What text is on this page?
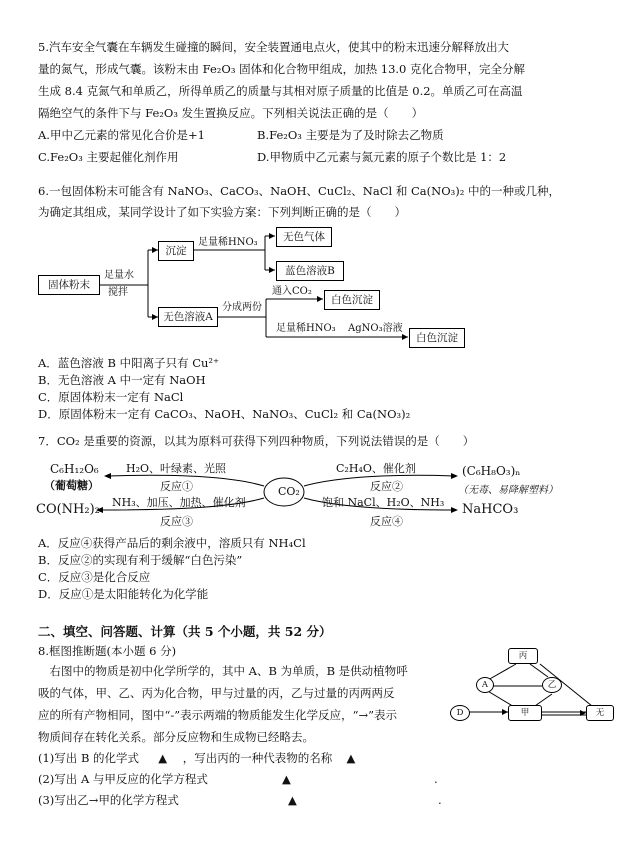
5.汽车安全气囊在车辆发生碰撞的瞬间，安全装置通电点火，使其中的粉末迅速分解释放出大
量的氮气，形成气囊。该粉末由 Fe₂O₃ 固体和化合物甲组成，加热 13.0 克化合物甲，完全分解
生成 8.4 克氮气和单质乙，所得单质乙的质量与其相对原子质量的比值是 0.2。单质乙可在高温
隔绝空气的条件下与 Fe₂O₃ 发生置换反应。下列相关说法正确的是（　　）
A.甲中乙元素的常见化合价是+1	B.Fe₂O₃ 主要是为了及时除去乙物质
C.Fe₂O₃ 主要起催化剂作用	D.甲物质中乙元素与氮元素的原子个数比是 1：2
6.一包固体粉末可能含有 NaNO₃、CaCO₃、NaOH、CuCl₂、NaCl 和 Ca(NO₃)₂ 中的一种或几种，
为确定其组成，某同学设计了如下实验方案：下列判断正确的是（　　）
固体粉末
足量水
搅拌
沉淀
足量稀HNO₃	无色气体
蓝色溶液B
无色溶液A
分成两份
通入CO₂
白色沉淀
足量稀HNO₃ AgNO₃溶液
白色沉淀
A．蓝色溶液 B 中阳离子只有 Cu²⁺
B．无色溶液 A 中一定有 NaOH
C．原固体粉末一定有 NaCl
D．原固体粉末一定有 CaCO₃、NaOH、NaNO₃、CuCl₂ 和 Ca(NO₃)₂
7．CO₂ 是重要的资源，以其为原料可获得下列四种物质，下列说法错误的是（　　）
CO₂
C₆H₁₂O₆
（葡萄糖）
H₂O、叶绿素、光照
反应①
C₂H₄O、催化剂
反应②
(C₆H₈O₃)ₙ
（无毒、易降解塑料）
NH₃、加压、加热、催化剂
反应③
饱和 NaCl、H₂O、NH₃
反应④
CO(NH₂)₂	NaHCO₃
A．反应④获得产品后的剩余液中，溶质只有 NH₄Cl
B．反应②的实现有利于缓解“白色污染”
C．反应③是化合反应
D．反应①是太阳能转化为化学能
二、填空、问答题、计算（共 5 个小题，共 52 分）
8.框图推断题(本小题 6 分)
　右图中的物质是初中化学所学的，其中 A、B 为单质，B 是供动植物呼
吸的气体，甲、乙、丙为化合物，甲与过量的丙，乙与过量的丙两两反
应的所有产物相同，图中“-”表示两端的物质能发生化学反应，“→”表示
物质间存在转化关系。部分反应物和生成物已经略去。
(1)写出 B 的化学式 ▲ ，写出丙的一种代表物的名称 ▲
(2)写出 A 与甲反应的化学方程式	▲	.
(3)写出乙→甲的化学方程式	▲	.
丙
A	乙
D	甲	无
